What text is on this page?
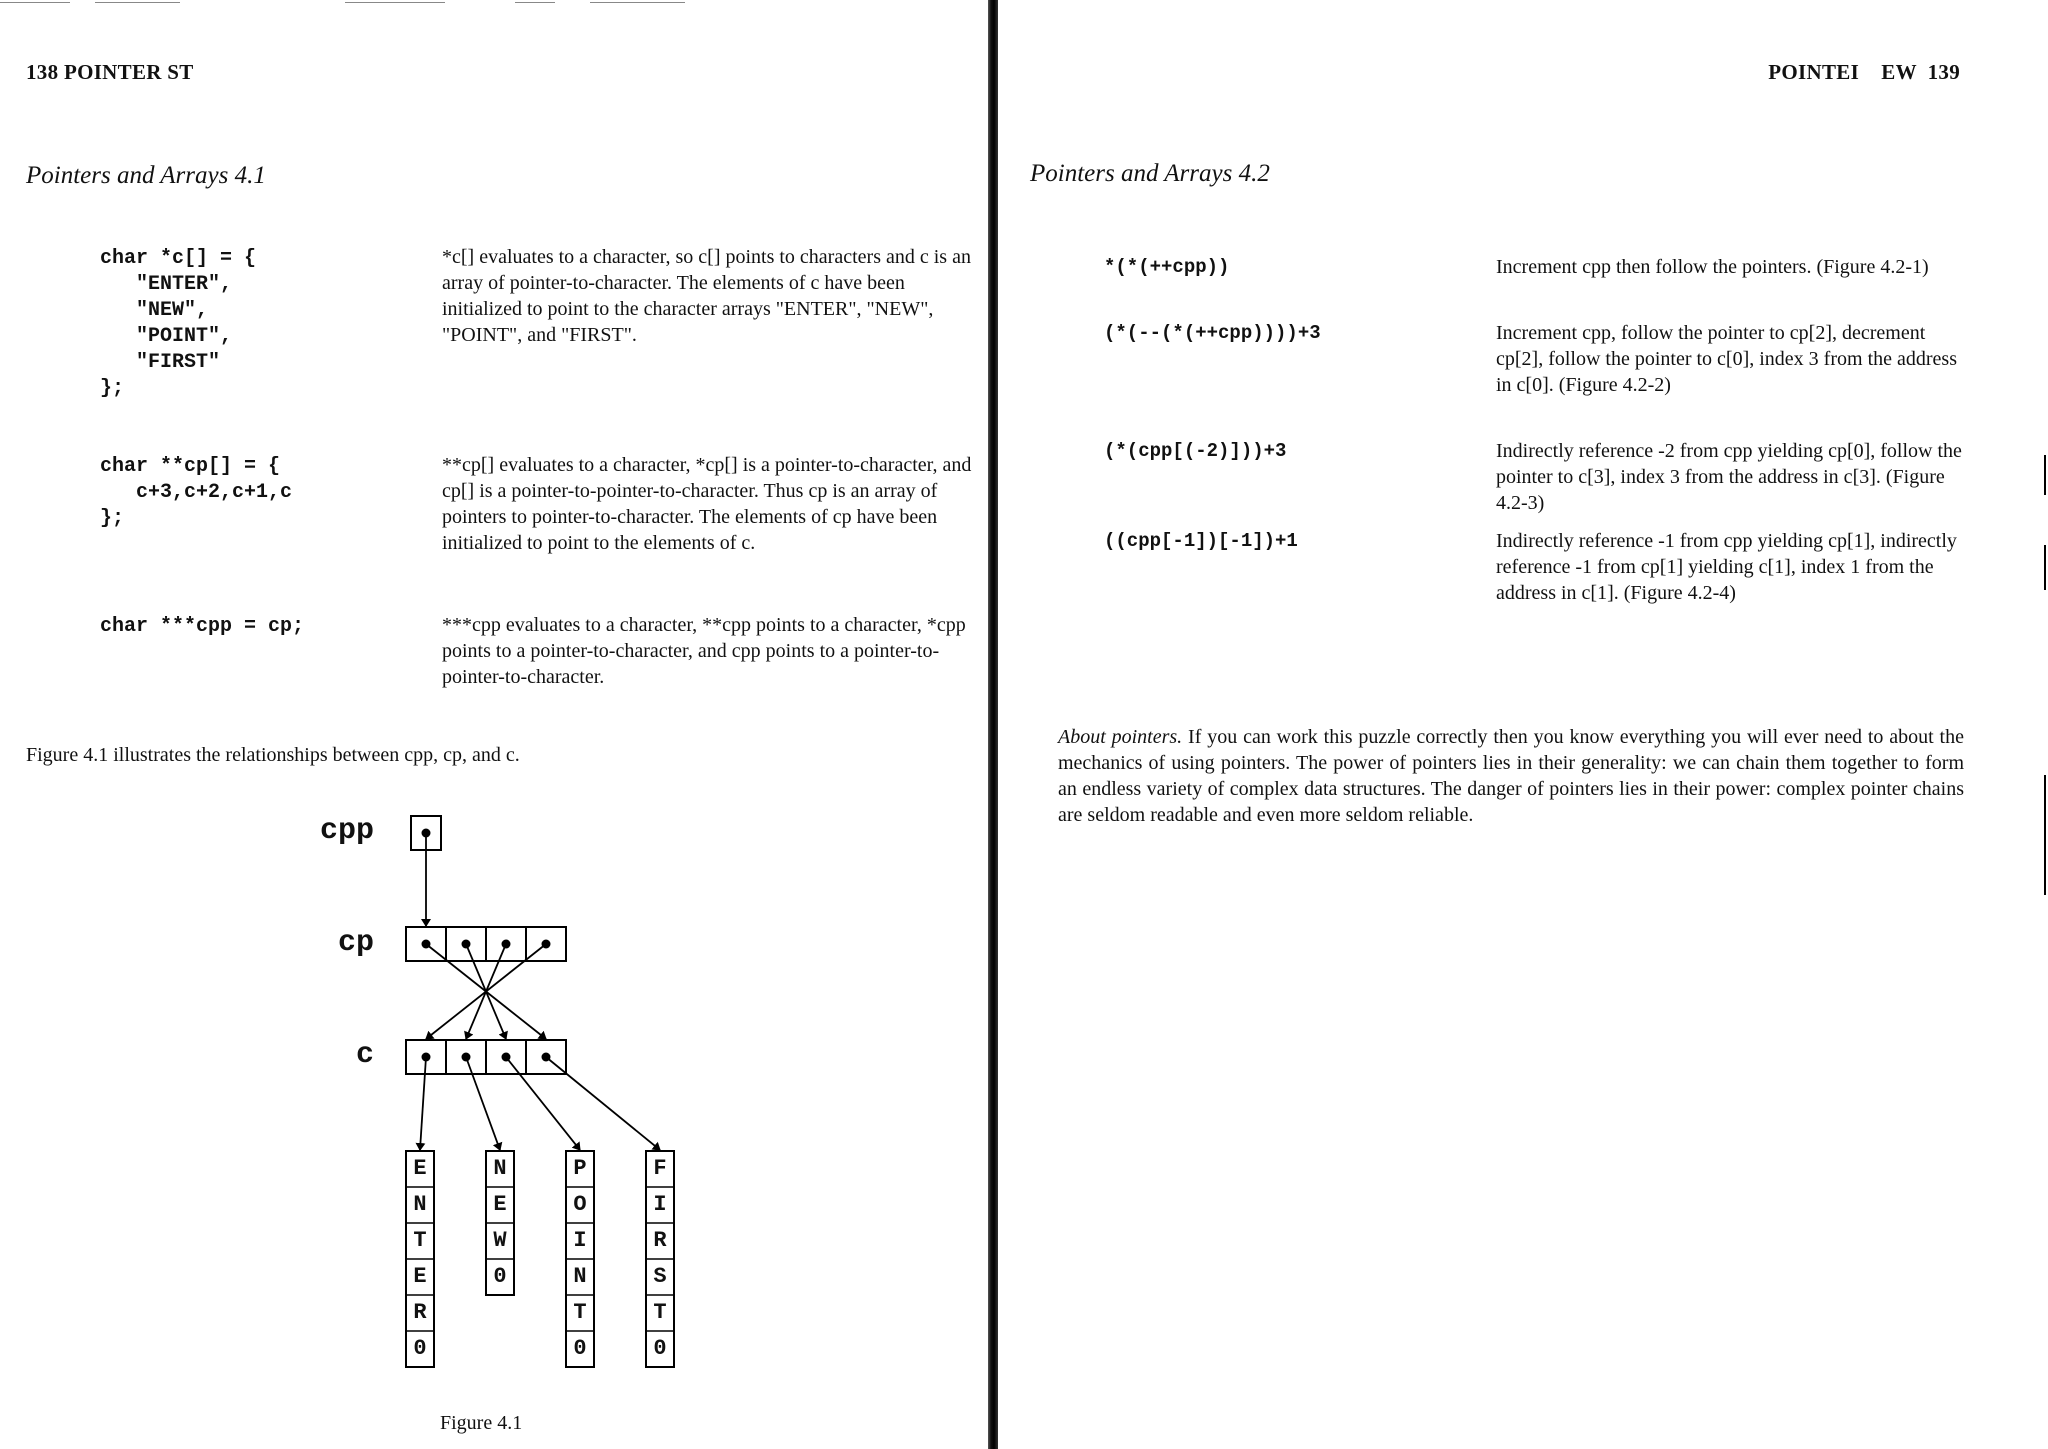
138 POINTER ST
Pointers and Arrays 4.1
char *c[] = {
"ENTER",
"NEW",
"POINT",
"FIRST"
};
*c[] evaluates to a character, so c[] points to characters and c is an array of pointer-to-character. The elements of c have been initialized to point to the character arrays "ENTER", "NEW", "POINT", and "FIRST".
char **cp[] = {
c+3,c+2,c+1,c
};
**cp[] evaluates to a character, *cp[] is a pointer-to-character, and cp[] is a pointer-to-pointer-to-character. Thus cp is an array of pointers to pointer-to-character. The elements of cp have been initialized to point to the elements of c.
char ***cpp = cp;	***cpp evaluates to a character, **cpp points to a character, *cpp points to a pointer-to-character, and cpp points to a pointer-to-pointer-to-character.
Figure 4.1 illustrates the relationships between cpp, cp, and c.
cpp
cp
c
E
N
T
E
R
0
N
E
W
0
P
O
I
N
T
0
F
I
R
S
T
0
Figure 4.1
POINTEI    EW  139
Pointers and Arrays 4.2
*(*(++cpp))	Increment cpp then follow the pointers. (Figure 4.2-1)
(*(--(*(++cpp))))+3	Increment cpp, follow the pointer to cp[2], decrement cp[2], follow the pointer to c[0], index 3 from the address in c[0]. (Figure 4.2-2)
(*(cpp[(-2)]))+3	Indirectly reference -2 from cpp yielding cp[0], follow the pointer to c[3], index 3 from the address in c[3]. (Figure 4.2-3)
((cpp[-1])[-1])+1	Indirectly reference -1 from cpp yielding cp[1], indirectly reference -1 from cp[1] yielding c[1], index 1 from the address in c[1]. (Figure 4.2-4)
About pointers. If you can work this puzzle correctly then you know everything you will ever need to about the mechanics of using pointers. The power of pointers lies in their generality: we can chain them together to form an endless variety of complex data structures. The danger of pointers lies in their power: complex pointer chains are seldom readable and even more seldom reliable.
